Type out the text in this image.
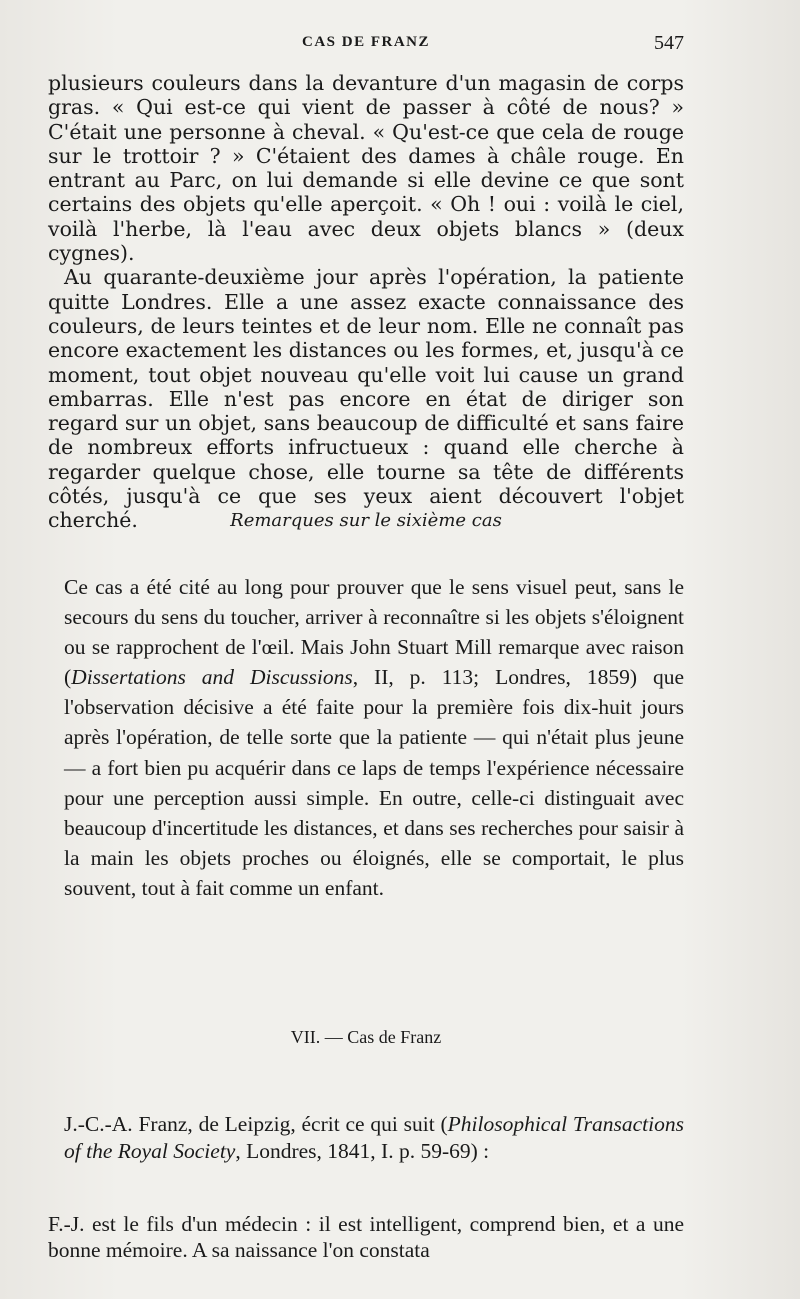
CAS DE FRANZ	547

plusieurs couleurs dans la devanture d'un magasin de corps gras. « Qui est-ce qui vient de passer à côté de nous? » C'était une personne à cheval. « Qu'est-ce que cela de rouge sur le trottoir ? » C'étaient des dames à châle rouge. En entrant au Parc, on lui demande si elle devine ce que sont certains des objets qu'elle aperçoit. « Oh ! oui : voilà le ciel, voilà l'herbe, là l'eau avec deux objets blancs » (deux cygnes).

Au quarante-deuxième jour après l'opération, la patiente quitte Londres. Elle a une assez exacte connaissance des couleurs, de leurs teintes et de leur nom. Elle ne connaît pas encore exactement les distances ou les formes, et, jusqu'à ce moment, tout objet nouveau qu'elle voit lui cause un grand embarras. Elle n'est pas encore en état de diriger son regard sur un objet, sans beaucoup de difficulté et sans faire de nombreux efforts infructueux : quand elle cherche à regarder quelque chose, elle tourne sa tête de différents côtés, jusqu'à ce que ses yeux aient découvert l'objet cherché.	Remarques sur le sixième cas

Ce cas a été cité au long pour prouver que le sens visuel peut, sans le secours du sens du toucher, arriver à reconnaître si les objets s'éloignent ou se rapprochent de l'œil. Mais John Stuart Mill remarque avec raison (Dissertations and Discussions, II, p. 113; Londres, 1859) que l'observation décisive a été faite pour la première fois dix-huit jours après l'opération, de telle sorte que la patiente — qui n'était plus jeune — a fort bien pu acquérir dans ce laps de temps l'expérience nécessaire pour une perception aussi simple. En outre, celle-ci distinguait avec beaucoup d'incertitude les distances, et dans ses recherches pour saisir à la main les objets proches ou éloignés, elle se comportait, le plus souvent, tout à fait comme un enfant.

VII. — Cas de Franz

J.-C.-A. Franz, de Leipzig, écrit ce qui suit (Philosophical Transactions of the Royal Society, Londres, 1841, I. p. 59-69) :

F.-J. est le fils d'un médecin : il est intelligent, comprend bien, et a une bonne mémoire. A sa naissance l'on constata
